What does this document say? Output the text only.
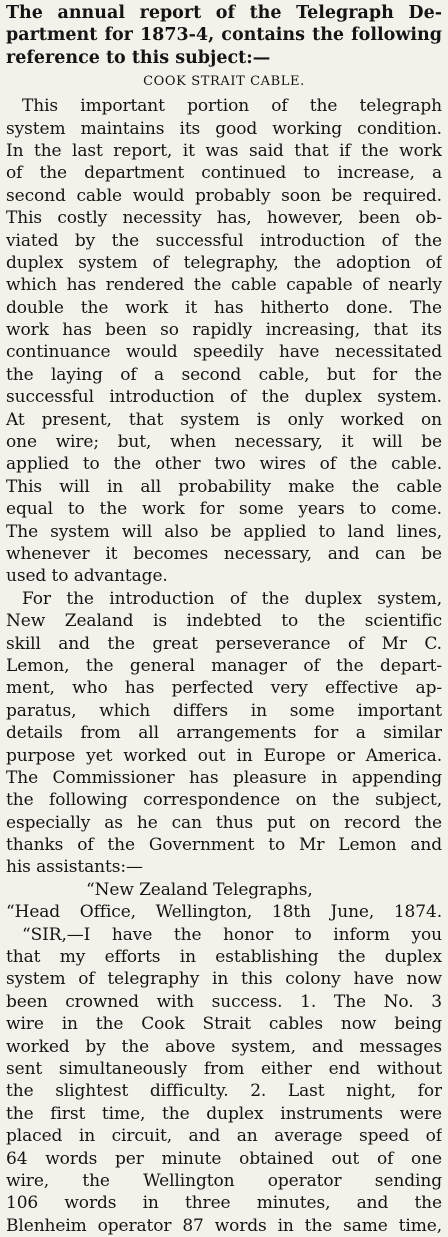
The annual report of the Telegraph De-
partment for 1873-4, contains the following
reference to this subject:—
COOK STRAIT CABLE.
This important portion of the telegraph
system maintains its good working condition.
In the last report, it was said that if the work
of the department continued to increase, a
second cable would probably soon be required.
This costly necessity has, however, been ob-
viated by the successful introduction of the
duplex system of telegraphy, the adoption of
which has rendered the cable capable of nearly
double the work it has hitherto done. The
work has been so rapidly increasing, that its
continuance would speedily have necessitated
the laying of a second cable, but for the
successful introduction of the duplex system.
At present, that system is only worked on
one wire; but, when necessary, it will be
applied to the other two wires of the cable.
This will in all probability make the cable
equal to the work for some years to come.
The system will also be applied to land lines,
whenever it becomes necessary, and can be
used to advantage.
For the introduction of the duplex system,
New Zealand is indebted to the scientific
skill and the great perseverance of Mr C.
Lemon, the general manager of the depart-
ment, who has perfected very effective ap-
paratus, which differs in some important
details from all arrangements for a similar
purpose yet worked out in Europe or America.
The Commissioner has pleasure in appending
the following correspondence on the subject,
especially as he can thus put on record the
thanks of the Government to Mr Lemon and
his assistants:—
“New Zealand Telegraphs,
“Head Office, Wellington, 18th June, 1874.
“SIR,—I have the honor to inform you
that my efforts in establishing the duplex
system of telegraphy in this colony have now
been crowned with success. 1. The No. 3
wire in the Cook Strait cables now being
worked by the above system, and messages
sent simultaneously from either end without
the slightest difficulty. 2. Last night, for
the first time, the duplex instruments were
placed in circuit, and an average speed of
64 words per minute obtained out of one
wire, the Wellington operator sending
106 words in three minutes, and the
Blenheim operator 87 words in the same time,
